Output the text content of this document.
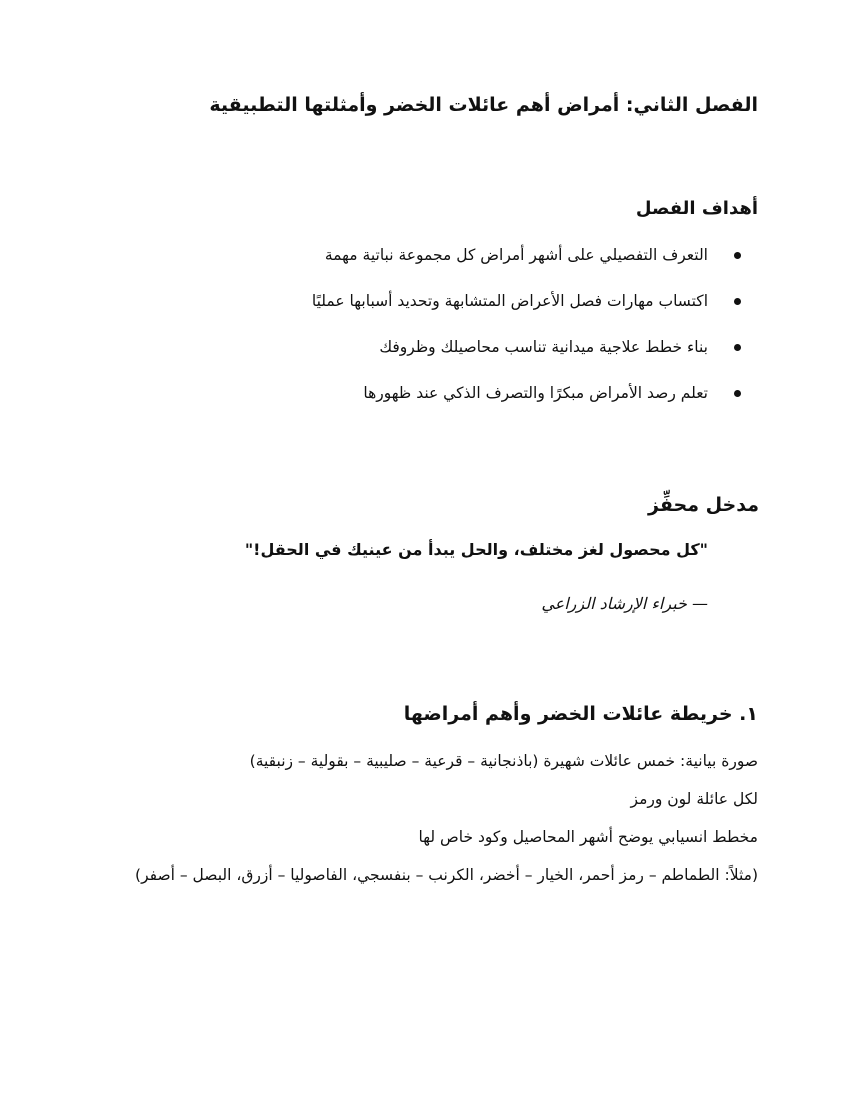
الفصل الثاني: أمراض أهم عائلات الخضر وأمثلتها التطبيقية
أهداف الفصل
التعرف التفصيلي على أشهر أمراض كل مجموعة نباتية مهمة
اكتساب مهارات فصل الأعراض المتشابهة وتحديد أسبابها عمليًا
بناء خطط علاجية ميدانية تناسب محاصيلك وظروفك
تعلم رصد الأمراض مبكرًا والتصرف الذكي عند ظهورها
مدخل محفِّز

"كل محصول لغز مختلف، والحل يبدأ من عينيك في الحقل!"

— خبراء الإرشاد الزراعي

١. خريطة عائلات الخضر وأهم أمراضها

صورة بيانية: خمس عائلات شهيرة (باذنجانية – قرعية – صليبية – بقولية – زنبقية)

لكل عائلة لون ورمز

مخطط انسيابي يوضح أشهر المحاصيل وكود خاص لها

(مثلاً: الطماطم – رمز أحمر، الخيار – أخضر، الكرنب – بنفسجي، الفاصوليا – أزرق، البصل – أصفر)
